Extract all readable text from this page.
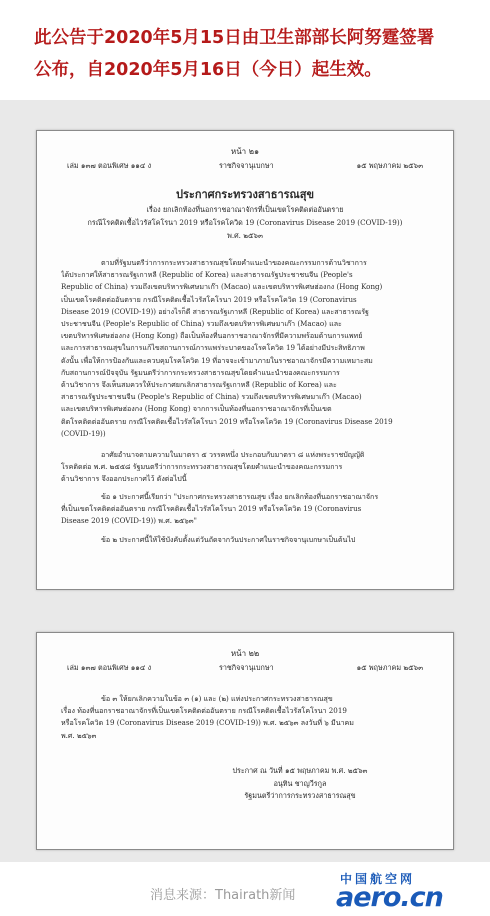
此公告于2020年5月15日由卫生部部长阿努霆签署
公布，自2020年5月16日（今日）起生效。
หน้า ๒๑
เล่ม ๑๓๗ ตอนพิเศษ ๑๑๔ ง	ราชกิจจานุเบกษา	๑๕ พฤษภาคม ๒๕๖๓
ประกาศกระทรวงสาธารณสุข
เรื่อง ยกเลิกท้องที่นอกราชอาณาจักรที่เป็นเขตโรคติดต่ออันตราย
กรณีโรคติดเชื้อไวรัสโคโรนา 2019 หรือโรคโควิด 19 (Coronavirus Disease 2019 (COVID-19))
พ.ศ. ๒๕๖๓
ตามที่รัฐมนตรีว่าการกระทรวงสาธารณสุขโดยคำแนะนำของคณะกรรมการด้านวิชาการ
ได้ประกาศให้สาธารณรัฐเกาหลี (Republic of Korea) และสาธารณรัฐประชาชนจีน (People's
Republic of China) รวมถึงเขตบริหารพิเศษมาเก๊า (Macao) และเขตบริหารพิเศษฮ่องกง (Hong Kong)
เป็นเขตโรคติดต่ออันตราย กรณีโรคติดเชื้อไวรัสโคโรนา 2019 หรือโรคโควิด 19 (Coronavirus
Disease 2019 (COVID-19)) อย่างไรก็ดี สาธารณรัฐเกาหลี (Republic of Korea) และสาธารณรัฐ
ประชาชนจีน (People's Republic of China) รวมถึงเขตบริหารพิเศษมาเก๊า (Macao) และ
เขตบริหารพิเศษฮ่องกง (Hong Kong) ถือเป็นท้องที่นอกราชอาณาจักรที่มีความพร้อมด้านการแพทย์
และการสาธารณสุขในการแก้ไขสถานการณ์การแพร่ระบาดของโรคโควิด 19 ได้อย่างมีประสิทธิภาพ
ดังนั้น เพื่อให้การป้องกันและควบคุมโรคโควิด 19 ที่อาจจะเข้ามาภายในราชอาณาจักรมีความเหมาะสม
กับสถานการณ์ปัจจุบัน รัฐมนตรีว่าการกระทรวงสาธารณสุขโดยคำแนะนำของคณะกรรมการ
ด้านวิชาการ จึงเห็นสมควรให้ประกาศยกเลิกสาธารณรัฐเกาหลี (Republic of Korea) และ
สาธารณรัฐประชาชนจีน (People's Republic of China) รวมถึงเขตบริหารพิเศษมาเก๊า (Macao)
และเขตบริหารพิเศษฮ่องกง (Hong Kong) จากการเป็นท้องที่นอกราชอาณาจักรที่เป็นเขต
ติดโรคติดต่ออันตราย กรณีโรคติดเชื้อไวรัสโคโรนา 2019 หรือโรคโควิด 19 (Coronavirus Disease 2019
(COVID-19))
อาศัยอำนาจตามความในมาตรา ๕ วรรคหนึ่ง ประกอบกับมาตรา ๘ แห่งพระราชบัญญัติ
โรคติดต่อ พ.ศ. ๒๕๕๘ รัฐมนตรีว่าการกระทรวงสาธารณสุขโดยคำแนะนำของคณะกรรมการ
ด้านวิชาการ จึงออกประกาศไว้ ดังต่อไปนี้
ข้อ ๑ ประกาศนี้เรียกว่า "ประกาศกระทรวงสาธารณสุข เรื่อง ยกเลิกท้องที่นอกราชอาณาจักร
ที่เป็นเขตโรคติดต่ออันตราย กรณีโรคติดเชื้อไวรัสโคโรนา 2019 หรือโรคโควิด 19 (Coronavirus
Disease 2019 (COVID-19)) พ.ศ. ๒๕๖๓"
ข้อ ๒ ประกาศนี้ให้ใช้บังคับตั้งแต่วันถัดจากวันประกาศในราชกิจจานุเบกษาเป็นต้นไป
หน้า ๒๒
เล่ม ๑๓๗ ตอนพิเศษ ๑๑๔ ง	ราชกิจจานุเบกษา	๑๕ พฤษภาคม ๒๕๖๓
ข้อ ๓ ให้ยกเลิกความในข้อ ๓ (๑) และ (๒) แห่งประกาศกระทรวงสาธารณสุข
เรื่อง ท้องที่นอกราชอาณาจักรที่เป็นเขตโรคติดต่ออันตราย กรณีโรคติดเชื้อไวรัสโคโรนา 2019
หรือโรคโควิด 19 (Coronavirus Disease 2019 (COVID-19)) พ.ศ. ๒๕๖๓ ลงวันที่ ๖ มีนาคม
พ.ศ. ๒๕๖๓
ประกาศ ณ วันที่ ๑๕ พฤษภาคม พ.ศ. ๒๕๖๓
อนุทิน ชาญวีรกูล
รัฐมนตรีว่าการกระทรวงสาธารณสุข
消息来源：Thairath新闻
中国航空网
aero.cn
